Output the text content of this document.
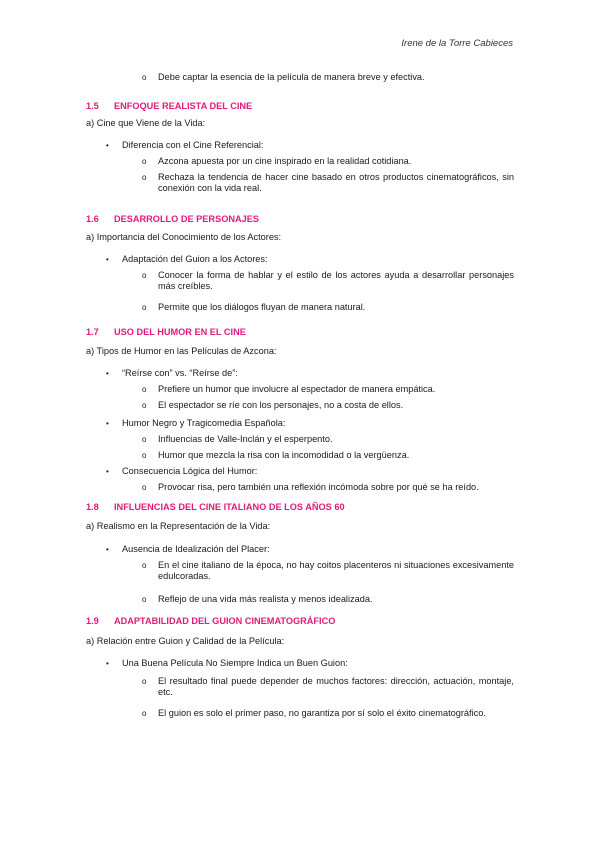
Irene de la Torre Cabieces
o Debe captar la esencia de la película de manera breve y efectiva.
1.5 ENFOQUE REALISTA DEL CINE
a) Cine que Viene de la Vida:
• Diferencia con el Cine Referencial:
o Azcona apuesta por un cine inspirado en la realidad cotidiana.
o Rechaza la tendencia de hacer cine basado en otros productos cinematográficos, sin conexión con la vida real.
1.6 DESARROLLO DE PERSONAJES
a) Importancia del Conocimiento de los Actores:
• Adaptación del Guion a los Actores:
o Conocer la forma de hablar y el estilo de los actores ayuda a desarrollar personajes más creíbles.
o Permite que los diálogos fluyan de manera natural.
1.7 USO DEL HUMOR EN EL CINE
a) Tipos de Humor en las Películas de Azcona:
• “Reírse con” vs. “Reírse de”:
o Prefiere un humor que involucre al espectador de manera empática.
o El espectador se ríe con los personajes, no a costa de ellos.
• Humor Negro y Tragicomedia Española:
o Influencias de Valle-Inclán y el esperpento.
o Humor que mezcla la risa con la incomodidad o la vergüenza.
• Consecuencia Lógica del Humor:
o Provocar risa, pero también una reflexión incómoda sobre por qué se ha reído.
1.8 INFLUENCIAS DEL CINE ITALIANO DE LOS AÑOS 60
a) Realismo en la Representación de la Vida:
• Ausencia de Idealización del Placer:
o En el cine italiano de la época, no hay coitos placenteros ni situaciones excesivamente edulcoradas.
o Reflejo de una vida más realista y menos idealizada.
1.9 ADAPTABILIDAD DEL GUION CINEMATOGRÁFICO
a) Relación entre Guion y Calidad de la Película:
• Una Buena Película No Siempre Indica un Buen Guion:
o El resultado final puede depender de muchos factores: dirección, actuación, montaje, etc.
o El guion es solo el primer paso, no garantiza por sí solo el éxito cinematográfico.
